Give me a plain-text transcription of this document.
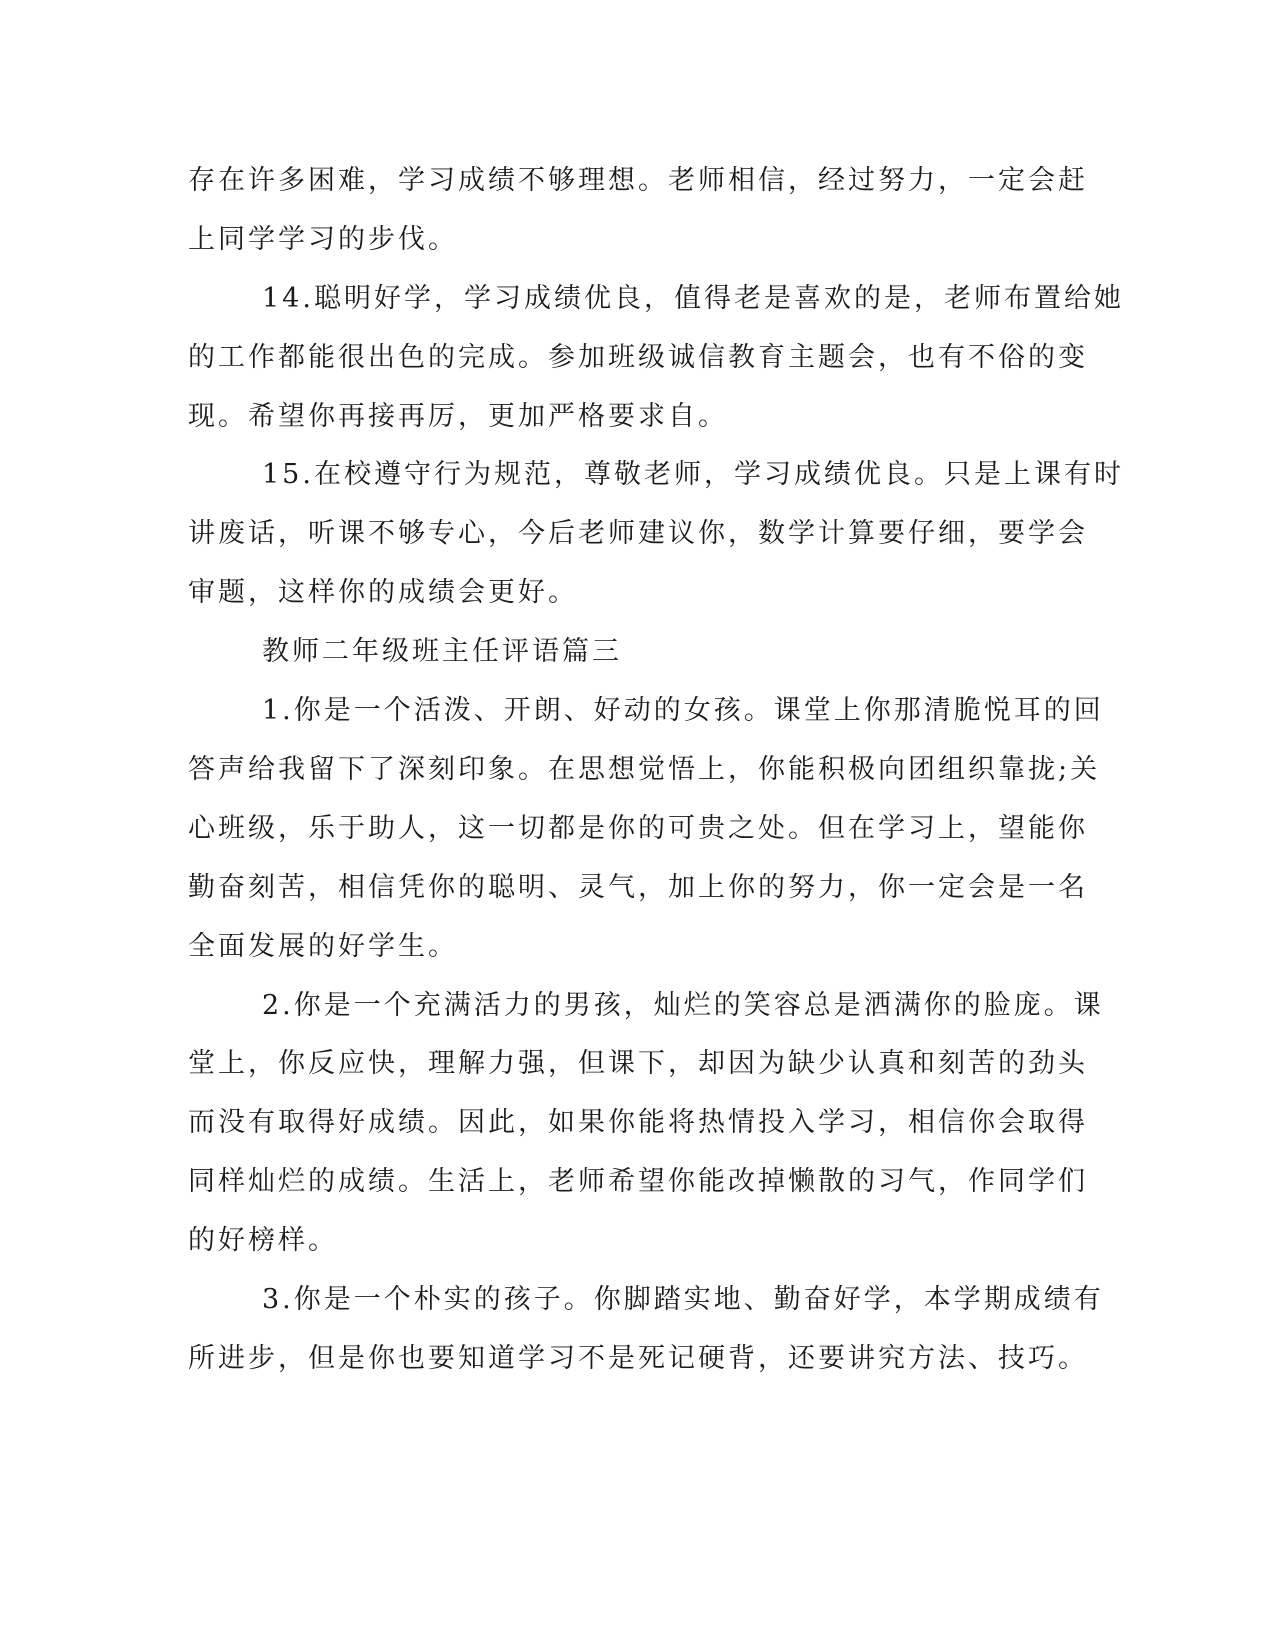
存在许多困难，学习成绩不够理想。老师相信，经过努力，一定会赶
上同学学习的步伐。
14.聪明好学，学习成绩优良，值得老是喜欢的是，老师布置给她
的工作都能很出色的完成。参加班级诚信教育主题会，也有不俗的变
现。希望你再接再厉，更加严格要求自。
15.在校遵守行为规范，尊敬老师，学习成绩优良。只是上课有时
讲废话，听课不够专心，今后老师建议你，数学计算要仔细，要学会
审题，这样你的成绩会更好。
教师二年级班主任评语篇三
1.你是一个活泼、开朗、好动的女孩。课堂上你那清脆悦耳的回
答声给我留下了深刻印象。在思想觉悟上，你能积极向团组织靠拢;关
心班级，乐于助人，这一切都是你的可贵之处。但在学习上，望能你
勤奋刻苦，相信凭你的聪明、灵气，加上你的努力，你一定会是一名
全面发展的好学生。
2.你是一个充满活力的男孩，灿烂的笑容总是洒满你的脸庞。课
堂上，你反应快，理解力强，但课下，却因为缺少认真和刻苦的劲头
而没有取得好成绩。因此，如果你能将热情投入学习，相信你会取得
同样灿烂的成绩。生活上，老师希望你能改掉懒散的习气，作同学们
的好榜样。
3.你是一个朴实的孩子。你脚踏实地、勤奋好学，本学期成绩有
所进步，但是你也要知道学习不是死记硬背，还要讲究方法、技巧。
